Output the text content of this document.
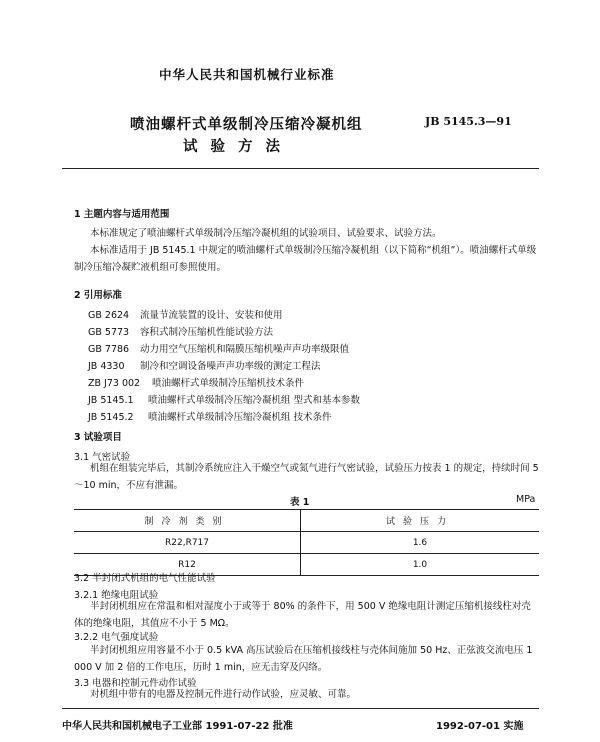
中华人民共和国机械行业标准
喷油螺杆式单级制冷压缩冷凝机组
试验方法
JB 5145.3—91
1 主题内容与适用范围
本标准规定了喷油螺杆式单级制冷压缩冷凝机组的试验项目、试验要求、试验方法。
本标准适用于 JB 5145.1 中规定的喷油螺杆式单级制冷压缩冷凝机组（以下简称“机组”）。喷油螺杆式单级制冷压缩冷凝贮液机组可参照使用。
2 引用标准
GB 2624 流量节流装置的设计、安装和使用
GB 5773 容积式制冷压缩机性能试验方法
GB 7786 动力用空气压缩机和隔膜压缩机噪声声功率级限值
JB 4330 制冷和空调设备噪声声功率级的测定工程法
ZB J73 002 喷油螺杆式单级制冷压缩机技术条件
JB 5145.1 喷油螺杆式单级制冷压缩冷凝机组 型式和基本参数
JB 5145.2 喷油螺杆式单级制冷压缩冷凝机组 技术条件
3 试验项目
3.1 气密试验
机组在组装完毕后，其制冷系统应注入干燥空气或氮气进行气密试验，试验压力按表 1 的规定，持续时间 5～10 min，不应有泄漏。
表 1	MPa
制冷剂类别	试验压力
R22,R717	1.6
R12	1.0
3.2 半封闭式机组的电气性能试验
3.2.1 绝缘电阻试验
半封闭机组应在常温和相对湿度小于或等于 80% 的条件下，用 500 V 绝缘电阻计测定压缩机接线柱对壳体的绝缘电阻，其值应不小于 5 MΩ。
3.2.2 电气强度试验
半封闭机组应用容量不小于 0.5 kVA 高压试验后在压缩机接线柱与壳体间施加 50 Hz、正弦波交流电压 1 000 V 加 2 倍的工作电压，历时 1 min，应无击穿及闪络。
3.3 电器和控制元件动作试验
对机组中带有的电器及控制元件进行动作试验，应灵敏、可靠。
中华人民共和国机械电子工业部 1991-07-22 批准	1992-07-01 实施
